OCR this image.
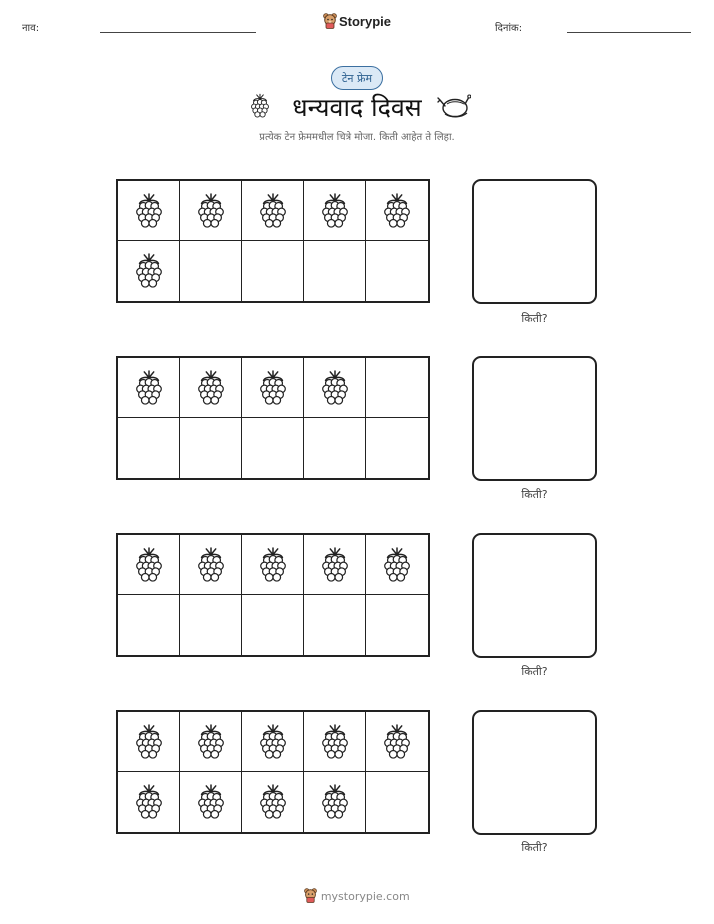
नाव:	दिनांक:
Storypie
टेन फ्रेम
धन्यवाद दिवस
प्रत्येक टेन फ्रेममधील चित्रे मोजा. किती आहेत ते लिहा.
किती?
किती?
किती?
किती?
mystorypie.com
